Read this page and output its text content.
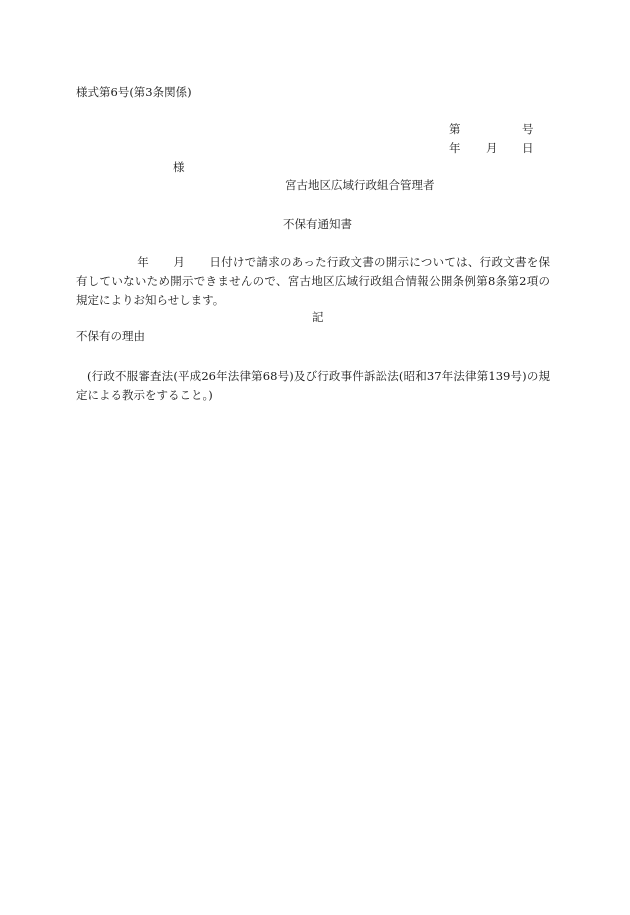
様式第6号(第3条関係)
第	号
年 月 日
様
宮古地区広域行政組合管理者
不保有通知書
年 月 日付けで請求のあった行政文書の開示については、行政文書を保有していないため開示できませんので、宮古地区広域行政組合情報公開条例第8条第2項の規定によりお知らせします。
記
不保有の理由
(行政不服審査法(平成26年法律第68号)及び行政事件訴訟法(昭和37年法律第139号)の規定による教示をすること。)
